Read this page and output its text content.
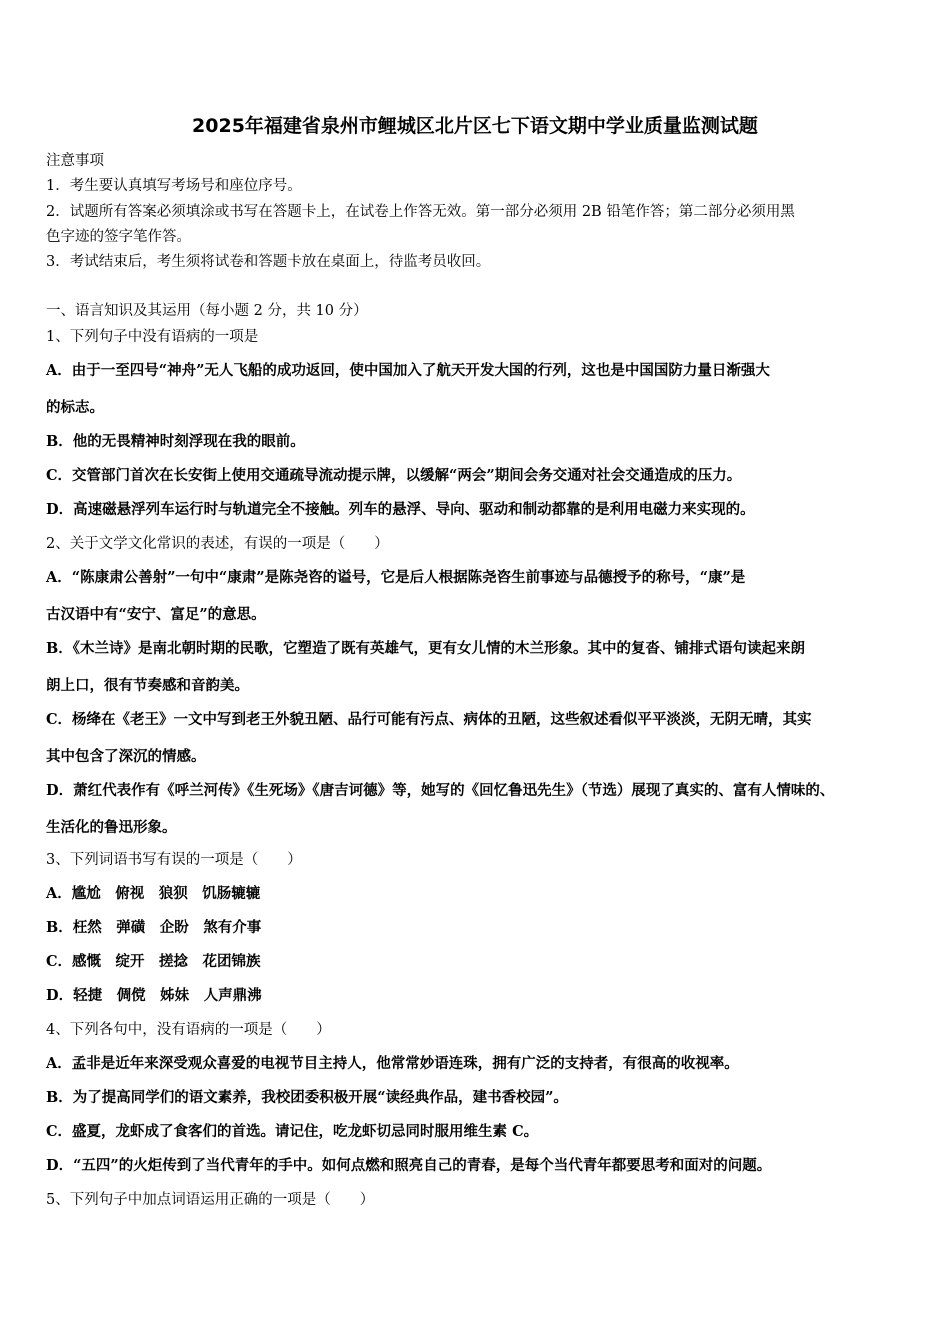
2025年福建省泉州市鲤城区北片区七下语文期中学业质量监测试题
注意事项
1．考生要认真填写考场号和座位序号。
2．试题所有答案必须填涂或书写在答题卡上，在试卷上作答无效。第一部分必须用 2B 铅笔作答；第二部分必须用黑
色字迹的签字笔作答。
3．考试结束后，考生须将试卷和答题卡放在桌面上，待监考员收回。
一、语言知识及其运用（每小题 2 分，共 10 分）
1、下列句子中没有语病的一项是
A．由于一至四号“神舟”无人飞船的成功返回，使中国加入了航天开发大国的行列，这也是中国国防力量日渐强大
的标志。
B．他的无畏精神时刻浮现在我的眼前。
C．交管部门首次在长安街上使用交通疏导流动提示牌，以缓解“两会”期间会务交通对社会交通造成的压力。
D．高速磁悬浮列车运行时与轨道完全不接触。列车的悬浮、导向、驱动和制动都靠的是利用电磁力来实现的。
2、关于文学文化常识的表述，有误的一项是（　　）
A．“陈康肃公善射”一句中“康肃”是陈尧咨的谥号，它是后人根据陈尧咨生前事迹与品德授予的称号，“康”是
古汉语中有“安宁、富足”的意思。
B．《木兰诗》是南北朝时期的民歌，它塑造了既有英雄气，更有女儿情的木兰形象。其中的复沓、铺排式语句读起来朗
朗上口，很有节奏感和音韵美。
C．杨绛在《老王》一文中写到老王外貌丑陋、品行可能有污点、病体的丑陋，这些叙述看似平平淡淡，无阴无晴，其实
其中包含了深沉的情感。
D．萧红代表作有《呼兰河传》《生死场》《唐吉诃德》等，她写的《回忆鲁迅先生》（节选）展现了真实的、富有人情味的、
生活化的鲁迅形象。
3、下列词语书写有误的一项是（　　）
A．尴尬　俯视　狼狈　饥肠辘辘
B．枉然　弹磺　企盼　煞有介事
C．感慨　绽开　搓捻　花团锦族
D．轻捷　倜傥　姊妹　人声鼎沸
4、下列各句中，没有语病的一项是（　　）
A．孟非是近年来深受观众喜爱的电视节目主持人，他常常妙语连珠，拥有广泛的支持者，有很高的收视率。
B．为了提高同学们的语文素养，我校团委积极开展“读经典作品，建书香校园”。
C．盛夏，龙虾成了食客们的首选。请记住，吃龙虾切忌同时服用维生素 C。
D．“五四”的火炬传到了当代青年的手中。如何点燃和照亮自己的青春，是每个当代青年都要思考和面对的问题。
5、下列句子中加点词语运用正确的一项是（　　）
